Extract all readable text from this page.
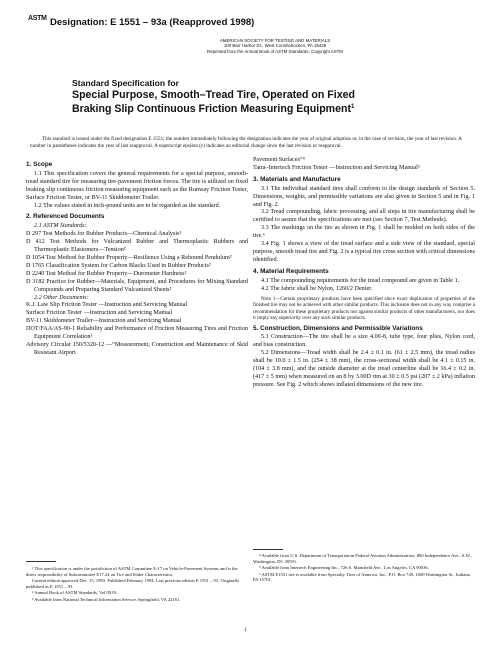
ASTM Designation: E 1551 – 93a (Reapproved 1998)
AMERICAN SOCIETY FOR TESTING AND MATERIALS
100 Barr Harbor Dr., West Conshohocken, PA 19428
Reprinted from the Annual Book of ASTM Standards. Copyright ASTM
Standard Specification for
Special Purpose, Smooth–Tread Tire, Operated on Fixed
Braking Slip Continuous Friction Measuring Equipment$^1$
This standard is issued under the fixed designation E 1551; the number immediately following the designation indicates the year of original adoption or, in the case of revision, the year of last revision. A number in parentheses indicates the year of last reapproval. A superscript epsilon (ε) indicates an editorial change since the last revision or reapproval.

1. Scope

1.1 This specification covers the general requirements for a special purpose, smooth-tread standard tire for measuring tire-pavement friction forces. The tire is utilized on fixed braking slip continuous friction measuring equipment such as the Runway Friction Tester, Surface Friction Tester, or BV-11 Skiddometer Trailer.

1.2 The values stated in inch-pound units are to be regarded as the standard.

2. Referenced Documents

2.1 ASTM Standards:

D 297 Test Methods for Rubber Products—Chemical Analysis²

D 412 Test Methods for Vulcanized Rubber and Thermoplastic Rubbers and Thermoplastic Elastomers—Tension²

D 1054 Test Method for Rubber Property—Resilience Using a Rebound Pendulum²

D 1765 Classification System for Carbon Blacks Used in Rubber Products²

D 2240 Test Method for Rubber Property—Durometer Hardness²

D 3182 Practice for Rubber—Materials, Equipment, and Procedures for Mixing Standard Compounds and Preparing Standard Vulcanized Sheets²

2.2 Other Documents:

K.J. Law Slip Friction Tester —Instruction and Servicing Manual

Surface Friction Tester —Instruction and Servicing Manual

BV-11 Skiddometer Trailer—Instruction and Servicing Manual

DOT/FAA/AS-90-1 Reliability and Performance of Friction Measuring Tires and Friction Equipment Correlation³

Advisory Circular 150/5320-12 —“Measurement, Construction and Maintenance of Skid Resistant Airport

Pavement Surfaces”⁴

Tatra–Intertech Friction Tester —Instruction and Servicing Manual⁵

3. Materials and Manufacture

3.1 The individual standard tires shall conform to the design standards of Section 5. Dimensions, weights, and permissible variations are also given in Section 5 and in Fig. 1 and Fig. 2.

3.2 Tread compounding, fabric processing, and all steps in tire manufacturing shall be certified to assure that the specifications are met (see Section 7, Test Methods).

3.3 The markings on the tire as shown in Fig. 1 shall be molded on both sides of the tire.⁶

3.4 Fig. 1 shows a view of the tread surface and a side view of the standard, special purpose, smooth tread tire and Fig. 2 is a typical tire cross section with critical dimensions identified.

4. Material Requirements

4.1 The compounding requirements for the tread compound are given in Table 1.

4.2 The fabric shall be Nylon, 1260/2 Denier.

Note 1—Certain proprietary products have been specified since exact duplication of properties of the finished tire may not be achieved with other similar products. This inclusion does not in any way comprise a recommendation for these proprietary products nor against similar products of other manufacturers, nor does it imply any superiority over any such similar products.

5. Construction, Dimensions and Permissible Variations

5.1 Construction—The tire shall be a size 4.00-8, tube type, four plies, Nylon cord, and bias construction.

5.2 Dimensions—Tread width shall be 2.4 ± 0.1 in. (61 ± 2.5 mm), the tread radius shall be 10.0 ± 1.5 in. (254 ± 38 mm), the cross-sectional width shall be 4.1 ± 0.15 in. (104 ± 3.8 mm), and the outside diameter at the tread centerline shall be 16.4 ± 0.2 in. (417 ± 5 mm) when measured on an 8 by 3.00D rim at 30 ± 0.5 psi (207 ± 2 kPa) inflation pressure. See Fig. 2 which shows inflated dimensions of the new tire.

¹ This specification is under the jurisdiction of ASTM Committee E-17 on Vehicle-Pavement Systems and is the direct responsibility of Subcommittee E17.24 on Tire and Slider Characteristics.

Current edition approved Dec. 15, 1993. Published February 1994. Last previous edition E 1551 – 93. Originally published as E 1551 – 93.

² Annual Book of ASTM Standards, Vol 09.01.

³ Available from National Technical Information Service, Springfield, VA 22161.

⁴ Available from U.S. Department of Transportation Federal Aviation Administration, 800 Independence Ave., S.W., Washington, DC 20591.

⁵ Available from Intertech Engineering Inc., 726 S. Mansfield Ave., Los Angeles, CA 90036.

⁶ ASTM E1551 tire is available from Specialty Tires of America, Inc., P.O. Box 749, 1600 Washington St., Indiana, PA 15701.

1
